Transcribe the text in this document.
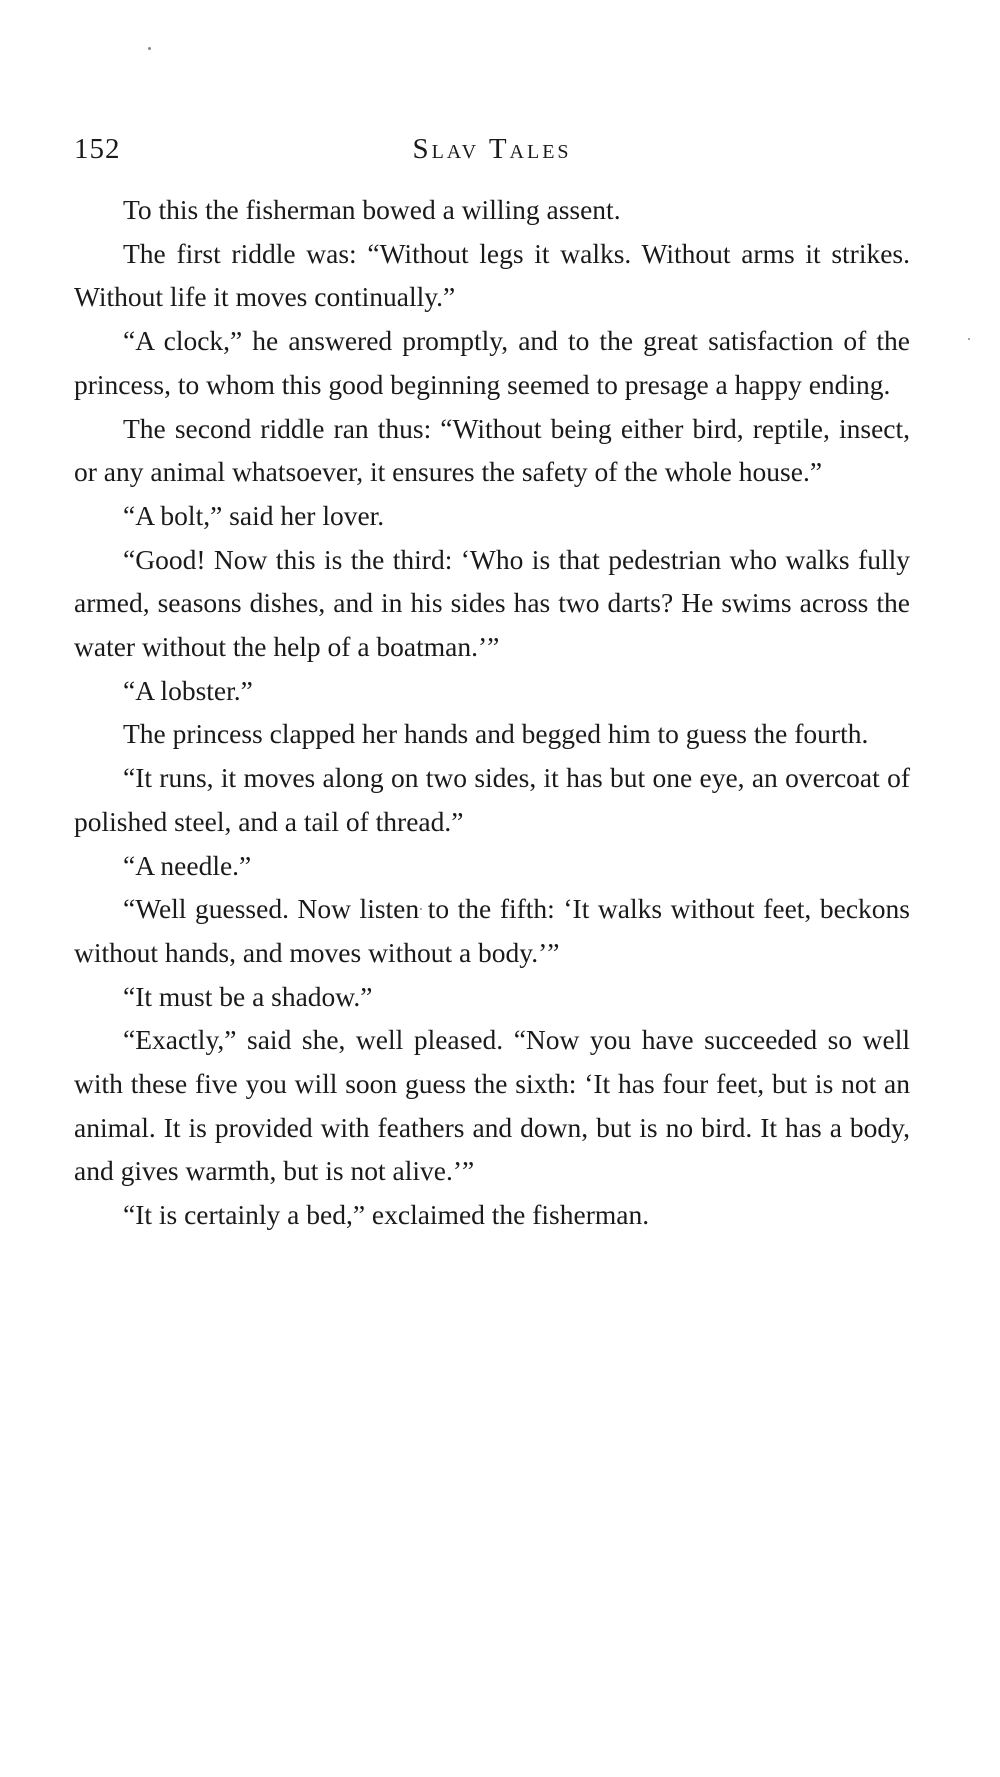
152	Slav Tales

To this the fisherman bowed a willing assent.

The first riddle was: “Without legs it walks. Without arms it strikes. Without life it moves continually.”

“A clock,” he answered promptly, and to the great satisfaction of the princess, to whom this good beginning seemed to presage a happy ending.

The second riddle ran thus: “Without being either bird, reptile, insect, or any animal whatsoever, it ensures the safety of the whole house.”

“A bolt,” said her lover.

“Good! Now this is the third: ‘Who is that pedestrian who walks fully armed, seasons dishes, and in his sides has two darts? He swims across the water without the help of a boatman.’”

“A lobster.”

The princess clapped her hands and begged him to guess the fourth.

“It runs, it moves along on two sides, it has but one eye, an overcoat of polished steel, and a tail of thread.”

“A needle.”

“Well guessed. Now listen to the fifth: ‘It walks without feet, beckons without hands, and moves without a body.’”

“It must be a shadow.”

“Exactly,” said she, well pleased. “Now you have succeeded so well with these five you will soon guess the sixth: ‘It has four feet, but is not an animal. It is provided with feathers and down, but is no bird. It has a body, and gives warmth, but is not alive.’”

“It is certainly a bed,” exclaimed the fisherman.
